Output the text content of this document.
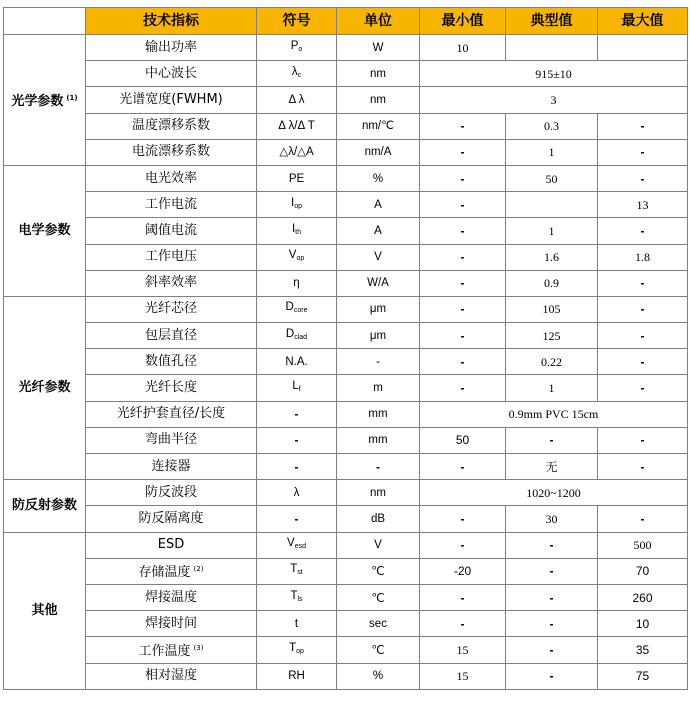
	技术指标	符号	单位	最小值	典型值	最大值
光学参数 $^{(1)}$	输出功率	$P_o$	W	10		
	中心波长	$\lambda_c$	nm	915±10		
	光谱宽度(FWHM)	Δ λ	nm	3		
	温度漂移系数	Δ λ/Δ T	nm/℃	-	0.3	-
	电流漂移系数	△λ/△A	nm/A	-	1	-
电学参数	电光效率	PE	%	-	50	-
	工作电流	$I_{op}$	A	-		13
	阈值电流	$I_{th}$	A	-	1	-
	工作电压	$V_{op}$	V	-	1.6	1.8
	斜率效率	η	W/A	-	0.9	-
光纤参数	光纤芯径	$D_{core}$	μm	-	105	-
	包层直径	$D_{clad}$	μm	-	125	-
	数值孔径	N.A.	-	-	0.22	-
	光纤长度	$L_f$	m	-	1	-
	光纤护套直径/长度	-	mm	0.9mm PVC 15cm		
	弯曲半径	-	mm	50	-	-
	连接器	-	-	-	无	-
防反射参数	防反波段	λ	nm	1020~1200		
	防反隔离度	-	dB	-	30	-
其他	ESD	$V_{esd}$	V	-	-	500
	存储温度 $^{(2)}$	$T_{st}$	℃	-20	-	70
	焊接温度	$T_{ls}$	℃	-	-	260
	焊接时间	t	sec	-	-	10
	工作温度 $^{(3)}$	$T_{op}$	℃	15	-	35
	相对湿度	RH	%	15	-	75
